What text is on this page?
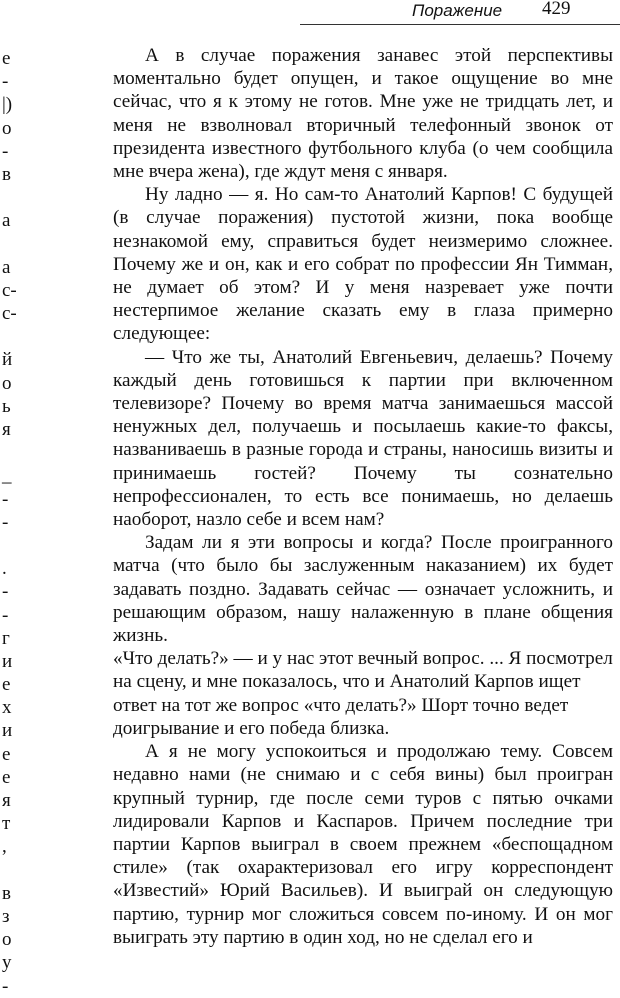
Поражение 429
е
-
|)
о
-
в
а
а
с-
с-
й
о
ь
я
_
-
-
.
-
-
г
и
е
х
и
е
е
я
т
,
в
з
о
у
-

А в случае поражения занавес этой перспективы моментально будет опущен, и такое ощущение во мне сейчас, что я к этому не готов. Мне уже не тридцать лет, и меня не взволновал вторичный телефонный звонок от президента известного футбольного клуба (о чем сообщила мне вчера жена), где ждут меня с января.

Ну ладно — я. Но сам-то Анатолий Карпов! С будущей (в случае поражения) пустотой жизни, пока вообще незнакомой ему, справиться будет неизмеримо сложнее. Почему же и он, как и его собрат по профессии Ян Тимман, не думает об этом? И у меня назревает уже почти нестерпимое желание сказать ему в глаза примерно следующее:

— Что же ты, Анатолий Евгеньевич, делаешь? Почему каждый день готовишься к партии при включенном телевизоре? Почему во время матча занимаешься массой ненужных дел, получаешь и посылаешь какие-то факсы, названиваешь в разные города и страны, наносишь визиты и принимаешь гостей? Почему ты сознательно непрофессионален, то есть все понимаешь, но делаешь наоборот, назло себе и всем нам?

Задам ли я эти вопросы и когда? После проигранного матча (что было бы заслуженным наказанием) их будет задавать поздно. Задавать сейчас — означает усложнить, и решающим образом, нашу налаженную в плане общения жизнь.

«Что делать?» — и у нас этот вечный вопрос. ... Я посмотрел на сцену, и мне показалось, что и Анатолий Карпов ищет ответ на тот же вопрос «что делать?» Шорт точно ведет доигрывание и его победа близка.

А я не могу успокоиться и продолжаю тему. Совсем недавно нами (не снимаю и с себя вины) был проигран крупный турнир, где после семи туров с пятью очками лидировали Карпов и Каспаров. Причем последние три партии Карпов выиграл в своем прежнем «беспощадном стиле» (так охарактеризовал его игру корреспондент «Известий» Юрий Васильев). И выиграй он следующую партию, турнир мог сложиться совсем по-иному. И он мог выиграть эту партию в один ход, но не сделал его и
